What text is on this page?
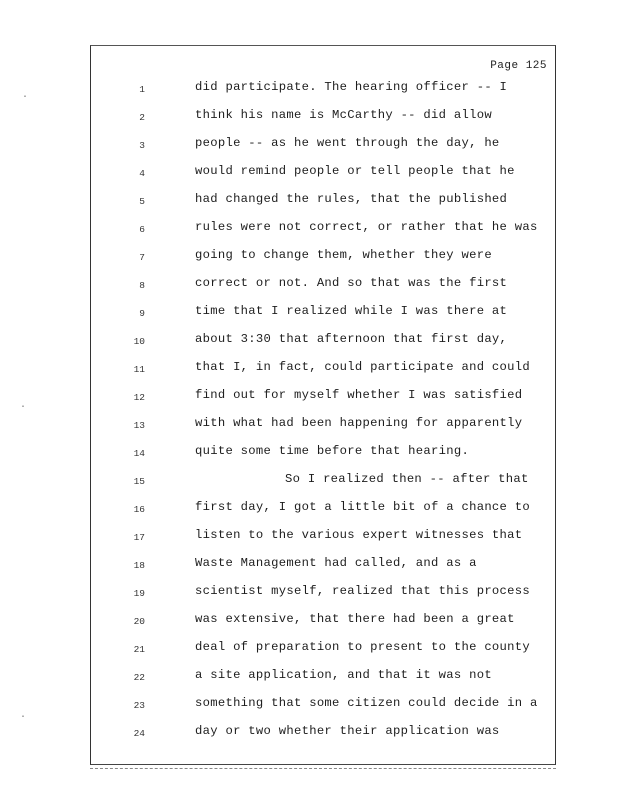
Page 125
1	did participate. The hearing officer -- I
2	think his name is McCarthy -- did allow
3	people -- as he went through the day, he
4	would remind people or tell people that he
5	had changed the rules, that the published
6	rules were not correct, or rather that he was
7	going to change them, whether they were
8	correct or not. And so that was the first
9	time that I realized while I was there at
10	about 3:30 that afternoon that first day,
11	that I, in fact, could participate and could
12	find out for myself whether I was satisfied
13	with what had been happening for apparently
14	quite some time before that hearing.
15	So I realized then -- after that
16	first day, I got a little bit of a chance to
17	listen to the various expert witnesses that
18	Waste Management had called, and as a
19	scientist myself, realized that this process
20	was extensive, that there had been a great
21	deal of preparation to present to the county
22	a site application, and that it was not
23	something that some citizen could decide in a
24	day or two whether their application was
·
·
·
